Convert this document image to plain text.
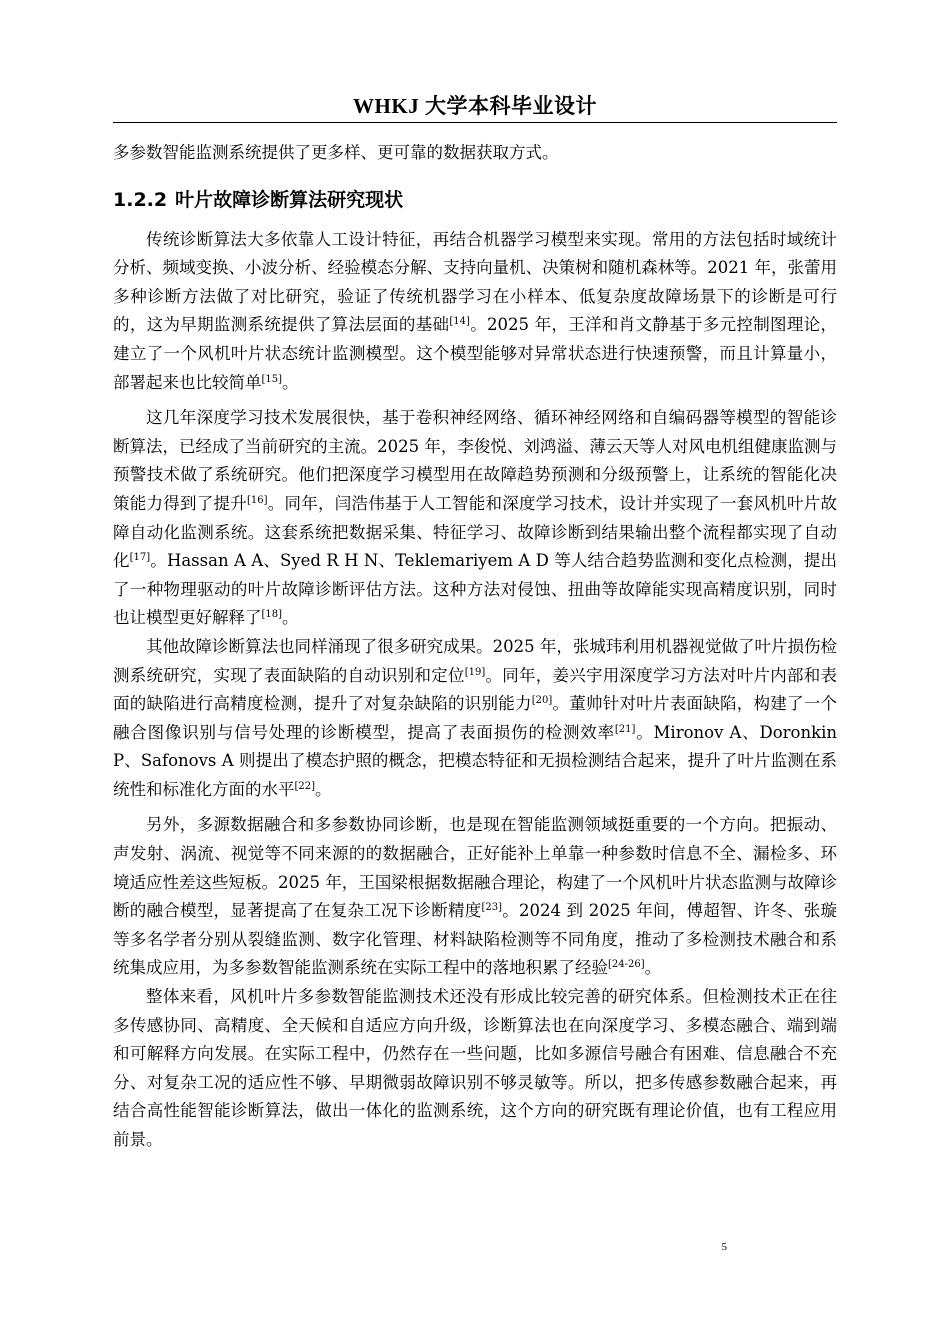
WHKJ 大学本科毕业设计

多参数智能监测系统提供了更多样、更可靠的数据获取方式。

1.2.2 叶片故障诊断算法研究现状

传统诊断算法大多依靠人工设计特征，再结合机器学习模型来实现。常用的方法包括时域统计分析、频域变换、小波分析、经验模态分解、支持向量机、决策树和随机森林等。2021 年，张蕾用多种诊断方法做了对比研究，验证了传统机器学习在小样本、低复杂度故障场景下的诊断是可行的，这为早期监测系统提供了算法层面的基础[14]。2025 年，王洋和肖文静基于多元控制图理论，建立了一个风机叶片状态统计监测模型。这个模型能够对异常状态进行快速预警，而且计算量小，部署起来也比较简单[15]。

这几年深度学习技术发展很快，基于卷积神经网络、循环神经网络和自编码器等模型的智能诊断算法，已经成了当前研究的主流。2025 年，李俊悦、刘鸿溢、薄云天等人对风电机组健康监测与预警技术做了系统研究。他们把深度学习模型用在故障趋势预测和分级预警上，让系统的智能化决策能力得到了提升[16]。同年，闫浩伟基于人工智能和深度学习技术，设计并实现了一套风机叶片故障自动化监测系统。这套系统把数据采集、特征学习、故障诊断到结果输出整个流程都实现了自动化[17]。Hassan A A、Syed R H N、Teklemariyem A D 等人结合趋势监测和变化点检测，提出了一种物理驱动的叶片故障诊断评估方法。这种方法对侵蚀、扭曲等故障能实现高精度识别，同时也让模型更好解释了[18]。

其他故障诊断算法也同样涌现了很多研究成果。2025 年，张城玮利用机器视觉做了叶片损伤检测系统研究，实现了表面缺陷的自动识别和定位[19]。同年，姜兴宇用深度学习方法对叶片内部和表面的缺陷进行高精度检测，提升了对复杂缺陷的识别能力[20]。董帅针对叶片表面缺陷，构建了一个融合图像识别与信号处理的诊断模型，提高了表面损伤的检测效率[21]。Mironov A、Doronkin P、Safonovs A 则提出了模态护照的概念，把模态特征和无损检测结合起来，提升了叶片监测在系统性和标准化方面的水平[22]。

另外，多源数据融合和多参数协同诊断，也是现在智能监测领域挺重要的一个方向。把振动、声发射、涡流、视觉等不同来源的的数据融合，正好能补上单靠一种参数时信息不全、漏检多、环境适应性差这些短板。2025 年，王国梁根据数据融合理论，构建了一个风机叶片状态监测与故障诊断的融合模型，显著提高了在复杂工况下诊断精度[23]。2024 到 2025 年间，傅超智、许冬、张璇等多名学者分别从裂缝监测、数字化管理、材料缺陷检测等不同角度，推动了多检测技术融合和系统集成应用，为多参数智能监测系统在实际工程中的落地积累了经验[24-26]。

整体来看，风机叶片多参数智能监测技术还没有形成比较完善的研究体系。但检测技术正在往多传感协同、高精度、全天候和自适应方向升级，诊断算法也在向深度学习、多模态融合、端到端和可解释方向发展。在实际工程中，仍然存在一些问题，比如多源信号融合有困难、信息融合不充分、对复杂工况的适应性不够、早期微弱故障识别不够灵敏等。所以，把多传感参数融合起来，再结合高性能智能诊断算法，做出一体化的监测系统，这个方向的研究既有理论价值，也有工程应用前景。

5
